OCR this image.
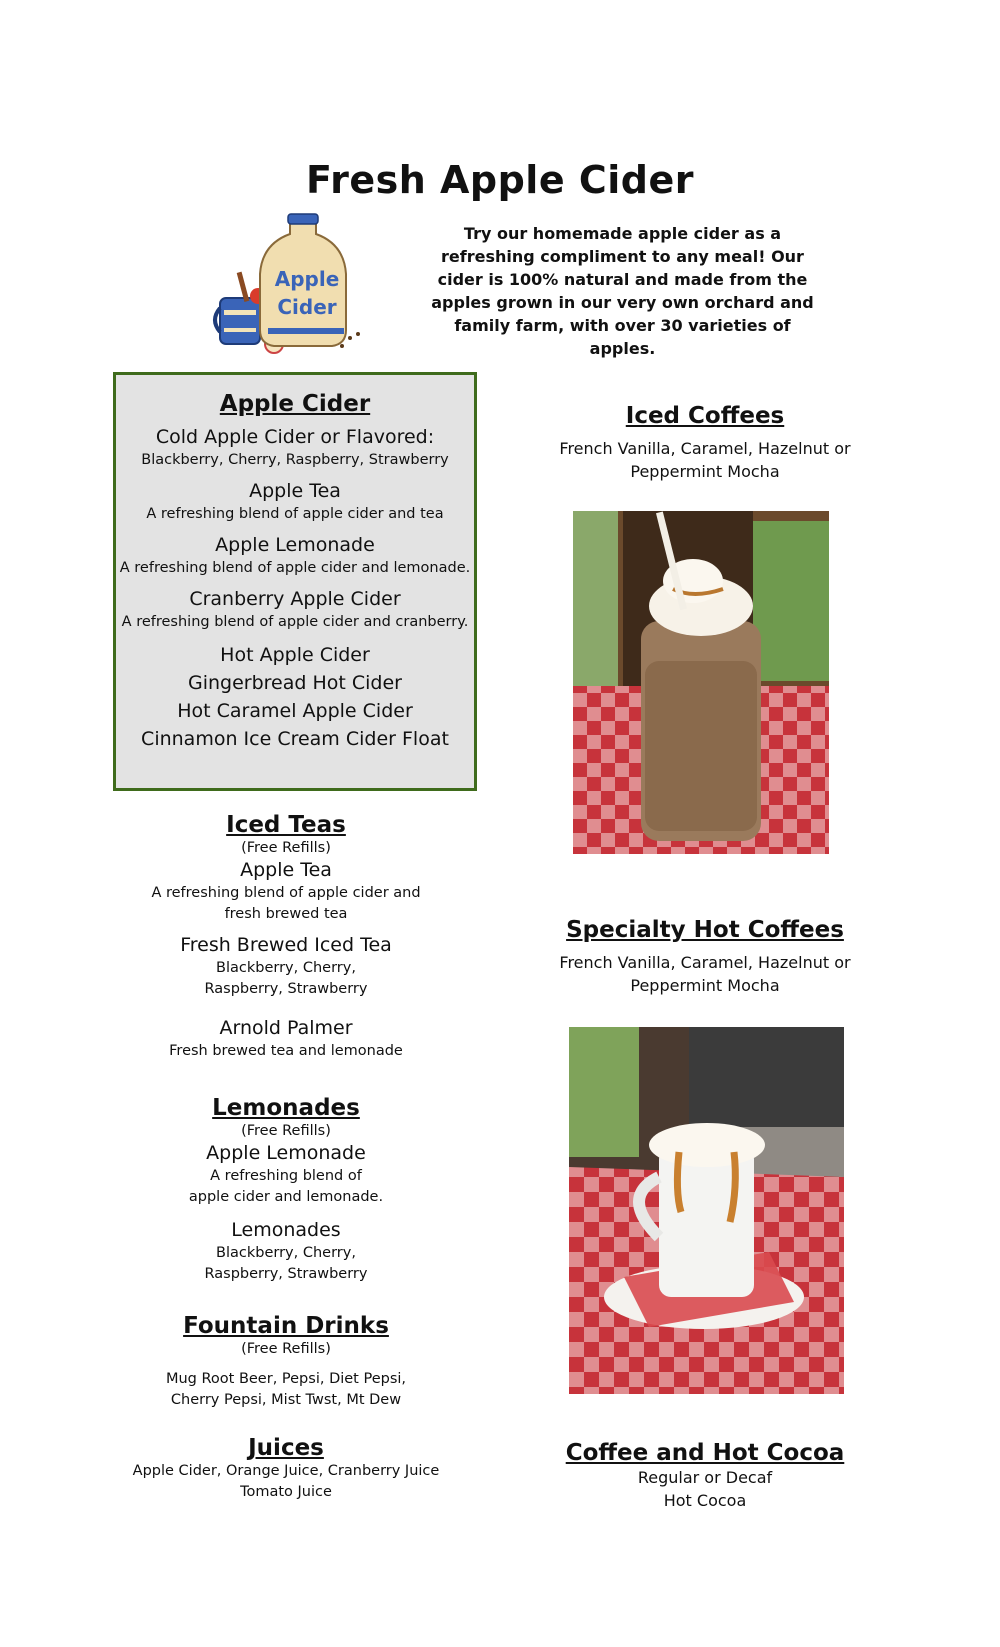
Fresh Apple Cider
Apple
Cider
Try our homemade apple cider as a refreshing compliment to any meal! Our cider is 100% natural and made from the apples grown in our very own orchard and family farm, with over 30 varieties of apples.
Apple Cider
Cold Apple Cider or Flavored:
Blackberry, Cherry, Raspberry, Strawberry
Apple Tea
A refreshing blend of apple cider and tea
Apple Lemonade
A refreshing blend of apple cider and lemonade.
Cranberry Apple Cider
A refreshing blend of apple cider and cranberry.
Hot Apple Cider
Gingerbread Hot Cider
Hot Caramel Apple Cider
Cinnamon Ice Cream Cider Float
Iced Teas
(Free Refills)
Apple Tea
A refreshing blend of apple cider and
fresh brewed tea
Fresh Brewed Iced Tea
Blackberry, Cherry,
Raspberry, Strawberry
Arnold Palmer
Fresh brewed tea and lemonade
Lemonades
(Free Refills)
Apple Lemonade
A refreshing blend of
apple cider and lemonade.
Lemonades
Blackberry, Cherry,
Raspberry, Strawberry
Fountain Drinks
(Free Refills)
Mug Root Beer, Pepsi, Diet Pepsi,
Cherry Pepsi, Mist Twst, Mt Dew
Juices
Apple Cider, Orange Juice, Cranberry Juice
Tomato Juice
Iced Coffees
French Vanilla, Caramel, Hazelnut or
Peppermint Mocha
Specialty Hot Coffees
French Vanilla, Caramel, Hazelnut or
Peppermint Mocha
Coffee and Hot Cocoa
Regular or Decaf
Hot Cocoa
